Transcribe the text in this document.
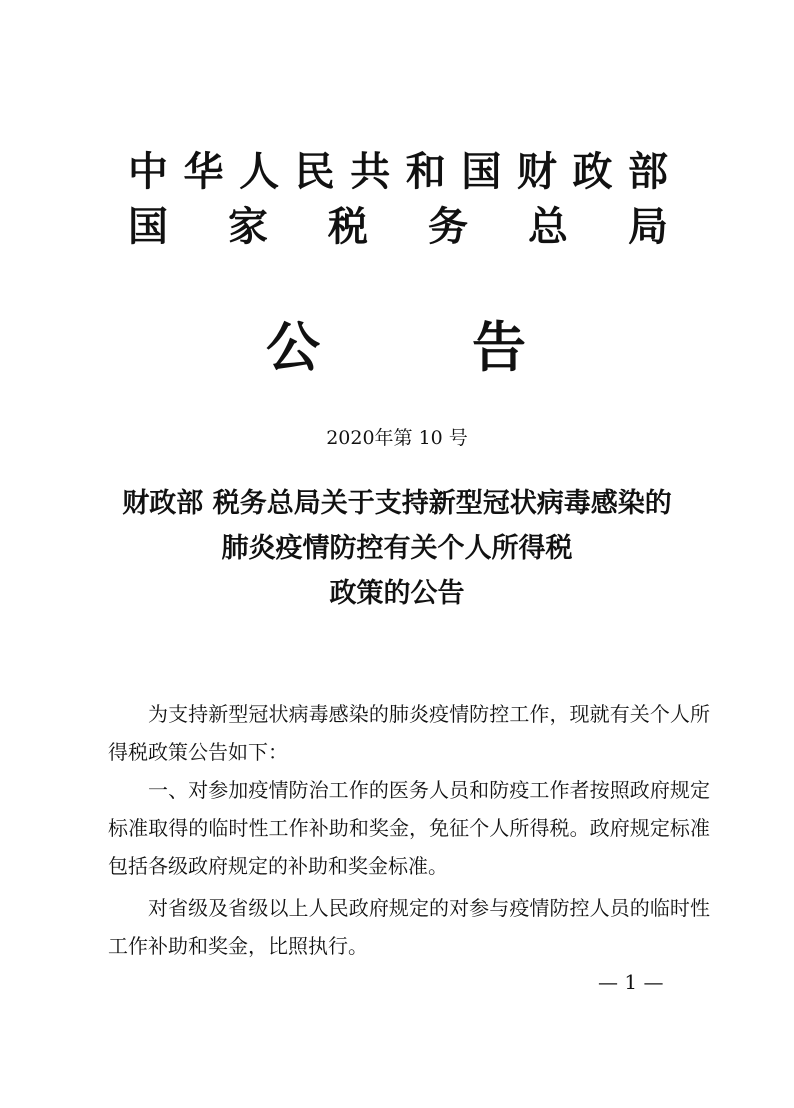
中华人民共和国财政部
国家税务总局
公告
2020年第 10 号
财政部 税务总局关于支持新型冠状病毒感染的
肺炎疫情防控有关个人所得税
政策的公告
为支持新型冠状病毒感染的肺炎疫情防控工作，现就有关个人所得税政策公告如下：
一、对参加疫情防治工作的医务人员和防疫工作者按照政府规定标准取得的临时性工作补助和奖金，免征个人所得税。政府规定标准包括各级政府规定的补助和奖金标准。
对省级及省级以上人民政府规定的对参与疫情防控人员的临时性工作补助和奖金，比照执行。
— 1 —
